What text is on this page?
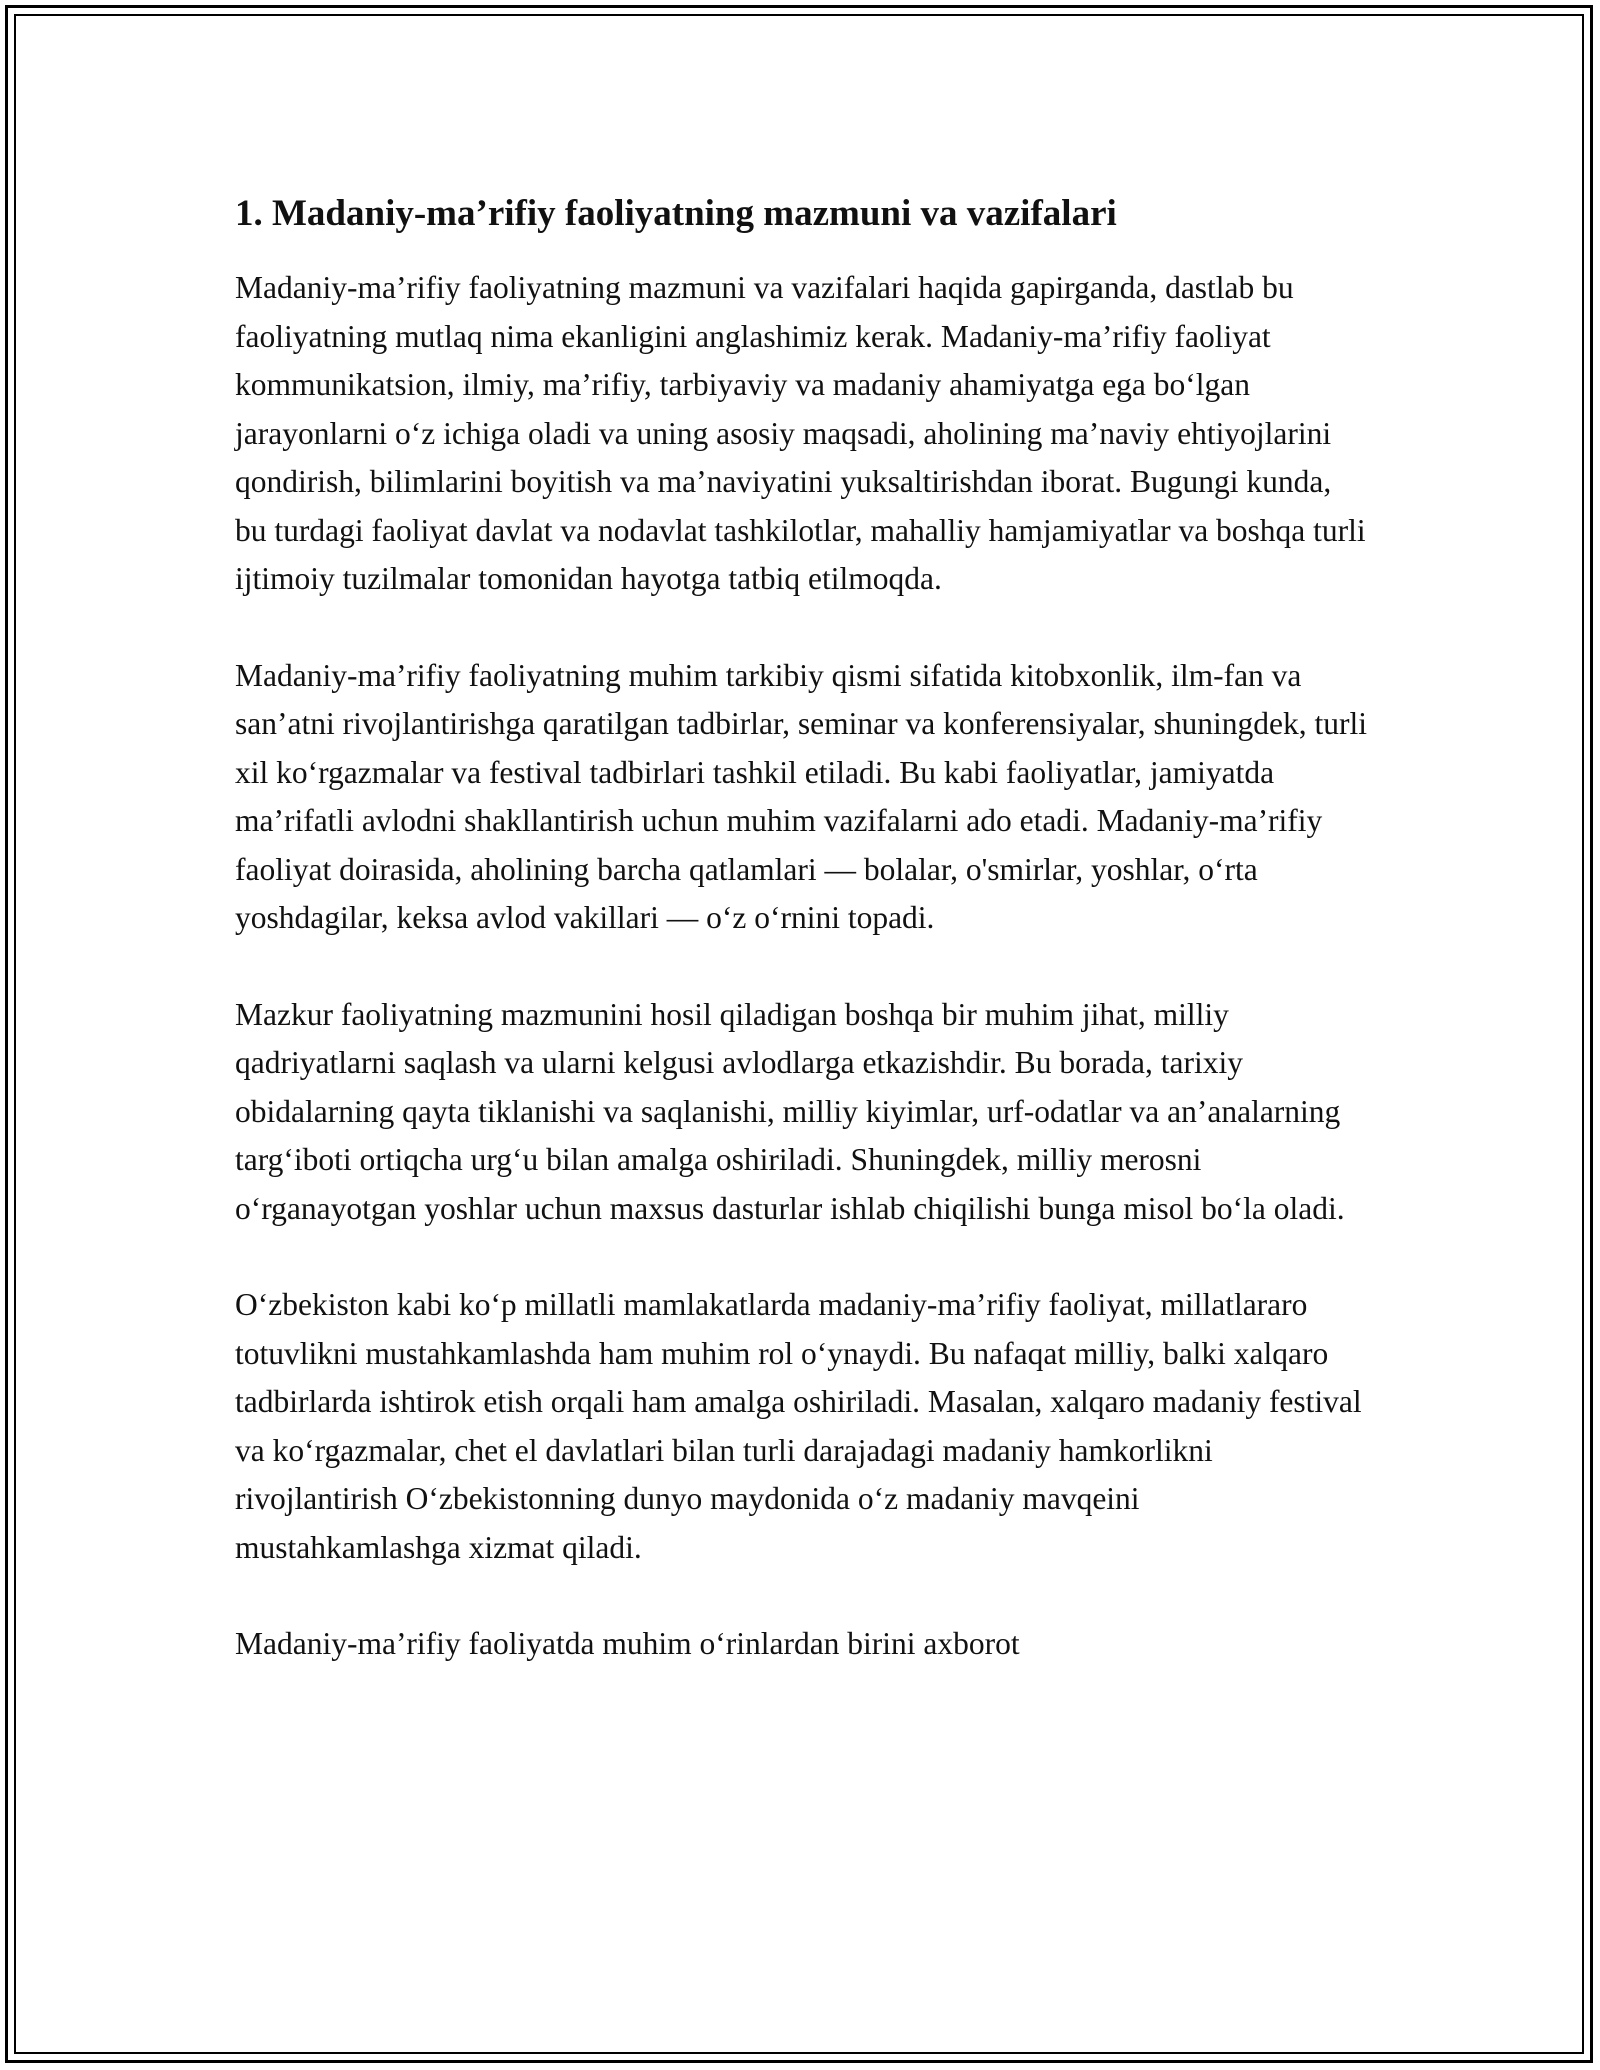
1. Madaniy-ma’rifiy faoliyatning mazmuni va vazifalari

Madaniy-ma’rifiy faoliyatning mazmuni va vazifalari haqida gapirganda, dastlab bu faoliyatning mutlaq nima ekanligini anglashimiz kerak. Madaniy-ma’rifiy faoliyat kommunikatsion, ilmiy, ma’rifiy, tarbiyaviy va madaniy ahamiyatga ega bo‘lgan jarayonlarni o‘z ichiga oladi va uning asosiy maqsadi, aholining ma’naviy ehtiyojlarini qondirish, bilimlarini boyitish va ma’naviyatini yuksaltirishdan iborat. Bugungi kunda, bu turdagi faoliyat davlat va nodavlat tashkilotlar, mahalliy hamjamiyatlar va boshqa turli ijtimoiy tuzilmalar tomonidan hayotga tatbiq etilmoqda.

Madaniy-ma’rifiy faoliyatning muhim tarkibiy qismi sifatida kitobxonlik, ilm-fan va san’atni rivojlantirishga qaratilgan tadbirlar, seminar va konferensiyalar, shuningdek, turli xil ko‘rgazmalar va festival tadbirlari tashkil etiladi. Bu kabi faoliyatlar, jamiyatda ma’rifatli avlodni shakllantirish uchun muhim vazifalarni ado etadi. Madaniy-ma’rifiy faoliyat doirasida, aholining barcha qatlamlari — bolalar, o'smirlar, yoshlar, o‘rta yoshdagilar, keksa avlod vakillari — o‘z o‘rnini topadi.

Mazkur faoliyatning mazmunini hosil qiladigan boshqa bir muhim jihat, milliy qadriyatlarni saqlash va ularni kelgusi avlodlarga etkazishdir. Bu borada, tarixiy obidalarning qayta tiklanishi va saqlanishi, milliy kiyimlar, urf-odatlar va an’analarning targ‘iboti ortiqcha urg‘u bilan amalga oshiriladi. Shuningdek, milliy merosni o‘rganayotgan yoshlar uchun maxsus dasturlar ishlab chiqilishi bunga misol bo‘la oladi.

O‘zbekiston kabi ko‘p millatli mamlakatlarda madaniy-ma’rifiy faoliyat, millatlararo totuvlikni mustahkamlashda ham muhim rol o‘ynaydi. Bu nafaqat milliy, balki xalqaro tadbirlarda ishtirok etish orqali ham amalga oshiriladi. Masalan, xalqaro madaniy festival va ko‘rgazmalar, chet el davlatlari bilan turli darajadagi madaniy hamkorlikni rivojlantirish O‘zbekistonning dunyo maydonida o‘z madaniy mavqeini mustahkamlashga xizmat qiladi.

Madaniy-ma’rifiy faoliyatda muhim o‘rinlardan birini axborot
